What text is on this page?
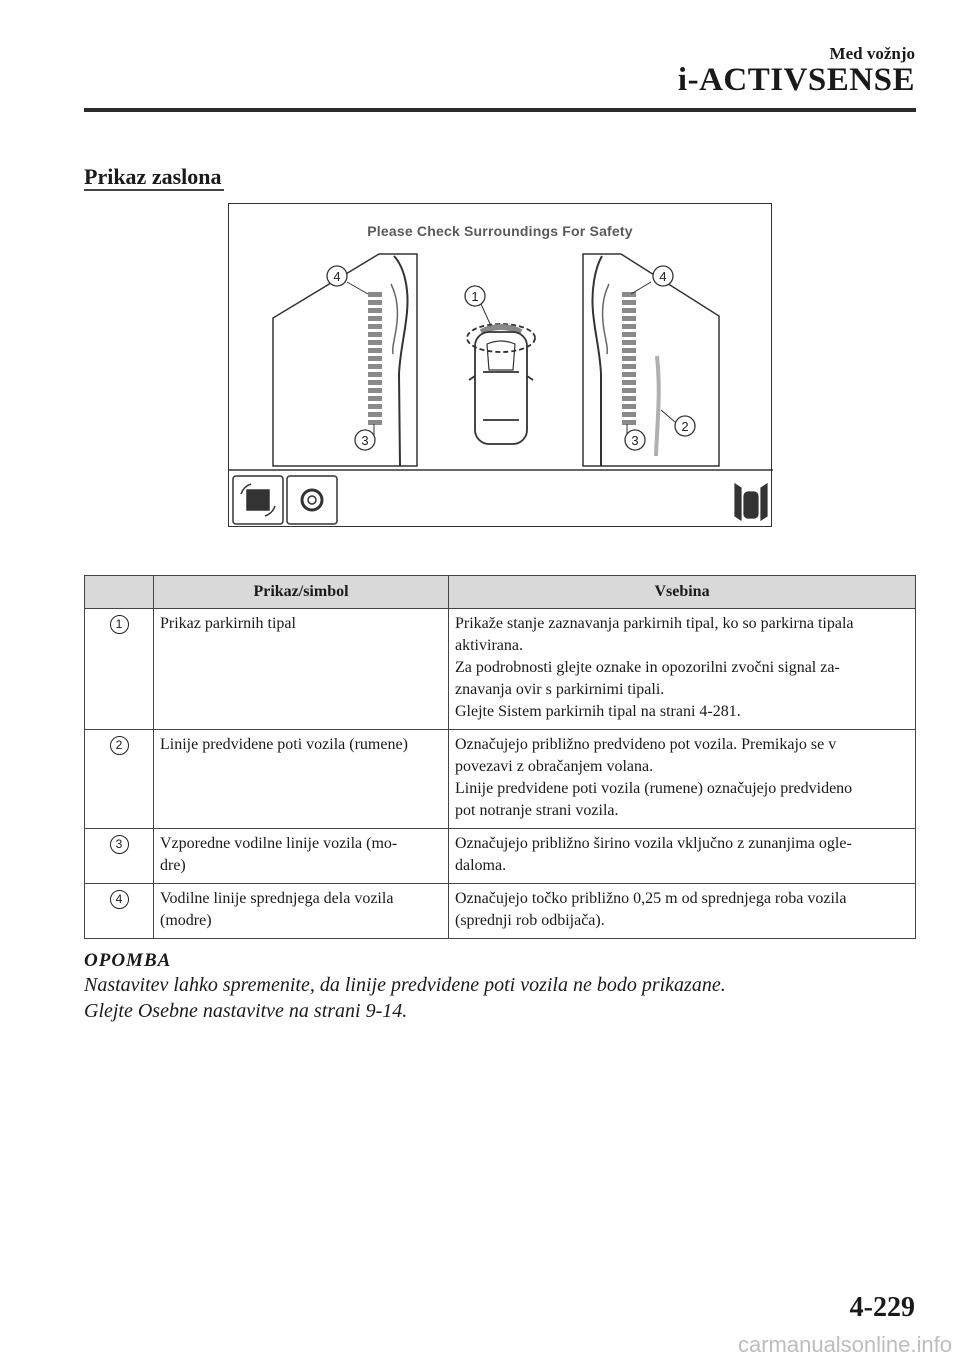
Med vožnjo
i-ACTIVSENSE
Prikaz zaslona
Please Check Surroundings For Safety
4
3
4
3
2
1
	Prikaz/simbol	Vsebina
1	Prikaz parkirnih tipal	Prikaže stanje zaznavanja parkirnih tipal, ko so parkirna tipala
aktivirana.
Za podrobnosti glejte oznake in opozorilni zvočni signal za-
znavanja ovir s parkirnimi tipali.
Glejte Sistem parkirnih tipal na strani 4-281.

2	Linije predvidene poti vozila (rumene)	Označujejo približno predvideno pot vozila. Premikajo se v
povezavi z obračanjem volana.
Linije predvidene poti vozila (rumene) označujejo predvideno
pot notranje strani vozila.

3	Vzporedne vodilne linije vozila (mo-
dre)	Označujejo približno širino vozila vključno z zunanjima ogle-
daloma.

4	Vodilne linije sprednjega dela vozila
(modre)	Označujejo točko približno 0,25 m od sprednjega roba vozila
(sprednji rob odbijača).
OPOMBA
Nastavitev lahko spremenite, da linije predvidene poti vozila ne bodo prikazane.
Glejte Osebne nastavitve na strani 9-14.
4-229
carmanualsonline.info
